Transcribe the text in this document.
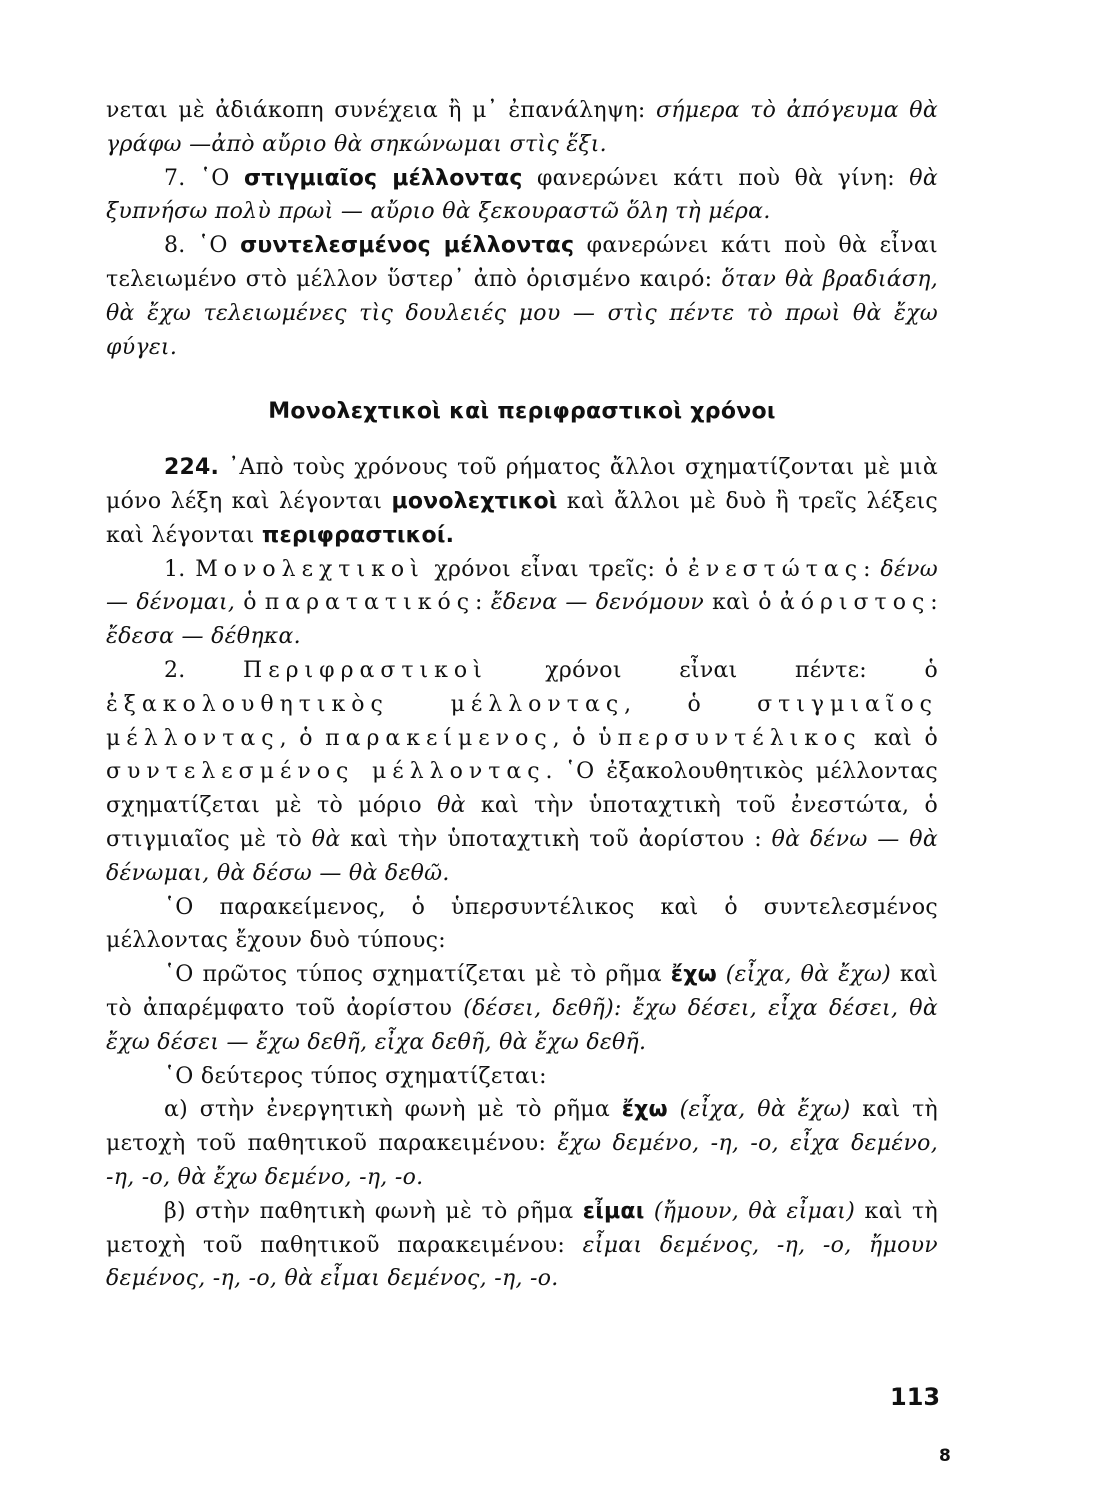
νεται μὲ ἀδιάκοπη συνέχεια ἢ μ᾽ ἐπανάληψη: σήμερα τὸ ἀπόγευμα θὰ γράφω —ἀπὸ αὔριο θὰ σηκώνωμαι στὶς ἕξι.

7. ῾Ο στιγμιαῖος μέλλοντας φανερώνει κάτι ποὺ θὰ γίνη: θὰ ξυπνήσω πολὺ πρωὶ — αὔριο θὰ ξεκουραστῶ ὅλη τὴ μέρα.

8. ῾Ο συντελεσμένος μέλλοντας φανερώνει κάτι ποὺ θὰ εἶναι τελειωμένο στὸ μέλλον ὕστερ᾽ ἀπὸ ὁρισμένο καιρό: ὅταν θὰ βραδιάση, θὰ ἔχω τελειωμένες τὶς δουλειές μου — στὶς πέντε τὸ πρωὶ θὰ ἔχω φύγει.

Μονολεχτικοὶ καὶ περιφραστικοὶ χρόνοι

224. ᾿Απὸ τοὺς χρόνους τοῦ ρήματος ἄλλοι σχηματίζονται μὲ μιὰ μόνο λέξη καὶ λέγονται μονολεχτικοὶ καὶ ἄλλοι μὲ δυὸ ἢ τρεῖς λέξεις καὶ λέγονται περιφραστικοί.

1. Μονολεχτικοὶ χρόνοι εἶναι τρεῖς: ὁ ἐνεστώτας: δένω — δένομαι, ὁ παρατατικός: ἔδενα — δενόμουν καὶ ὁ ἀόριστος: ἔδεσα — δέθηκα.

2. Περιφραστικοὶ χρόνοι εἶναι πέντε: ὁ ἐξακολουθητικὸς μέλλοντας, ὁ στιγμιαῖος μέλλοντας, ὁ παρακείμενος, ὁ ὑπερσυντέλικος καὶ ὁ συντελεσμένος μέλλοντας. ῾Ο ἐξακολουθητικὸς μέλλοντας σχηματίζεται μὲ τὸ μόριο θὰ καὶ τὴν ὑποταχτικὴ τοῦ ἐνεστώτα, ὁ στιγμιαῖος μὲ τὸ θὰ καὶ τὴν ὑποταχτικὴ τοῦ ἀορίστου : θὰ δένω — θὰ δένωμαι, θὰ δέσω — θὰ δεθῶ.

῾Ο παρακείμενος, ὁ ὑπερσυντέλικος καὶ ὁ συντελεσμένος μέλλοντας ἔχουν δυὸ τύπους:

῾Ο πρῶτος τύπος σχηματίζεται μὲ τὸ ρῆμα ἔχω (εἶχα, θὰ ἔχω) καὶ τὸ ἀπαρέμφατο τοῦ ἀορίστου (δέσει, δεθῆ): ἔχω δέσει, εἶχα δέσει, θὰ ἔχω δέσει — ἔχω δεθῆ, εἶχα δεθῆ, θὰ ἔχω δεθῆ.

῾Ο δεύτερος τύπος σχηματίζεται:

α) στὴν ἐνεργητικὴ φωνὴ μὲ τὸ ρῆμα ἔχω (εἶχα, θὰ ἔχω) καὶ τὴ μετοχὴ τοῦ παθητικοῦ παρακειμένου: ἔχω δεμένο, -η, -ο, εἶχα δεμένο, -η, -ο, θὰ ἔχω δεμένο, -η, -ο.

β) στὴν παθητικὴ φωνὴ μὲ τὸ ρῆμα εἶμαι (ἤμουν, θὰ εἶμαι) καὶ τὴ μετοχὴ τοῦ παθητικοῦ παρακειμένου: εἶμαι δεμένος, -η, -ο, ἤμουν δεμένος, -η, -ο, θὰ εἶμαι δεμένος, -η, -ο.

113
8
